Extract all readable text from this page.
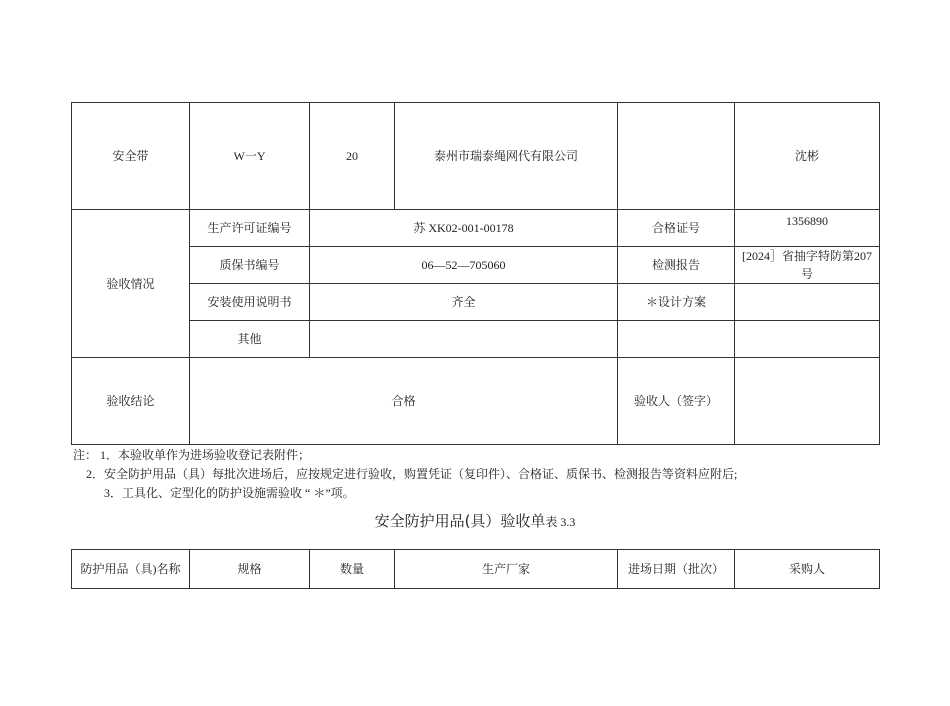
安全带	W一Y	20	泰州市瑞泰绳网代有限公司		沈彬
验收情况	生产许可证编号	苏 XK02-001-00178		合格证号	1356890
	质保书编号	06—52—705060		检测报告	[2024］省抽字特防第207号
	安装使用说明书	齐全		＊设计方案	
	其他				
验收结论	合格			验收人（签字）	
注： 1．本验收单作为进场验收登记表附件；
2．安全防护用品（具）每批次进场后，应按规定进行验收，购置凭证（复印件）、合格证、质保书、检测报告等资料应附后;
3．工具化、定型化的防护设施需验收 “ ＊”项。
安全防护用品(具）验收单表 3.3
防护用品（具)名称	规格	数量	生产厂家	进场日期（批次）	采购人
